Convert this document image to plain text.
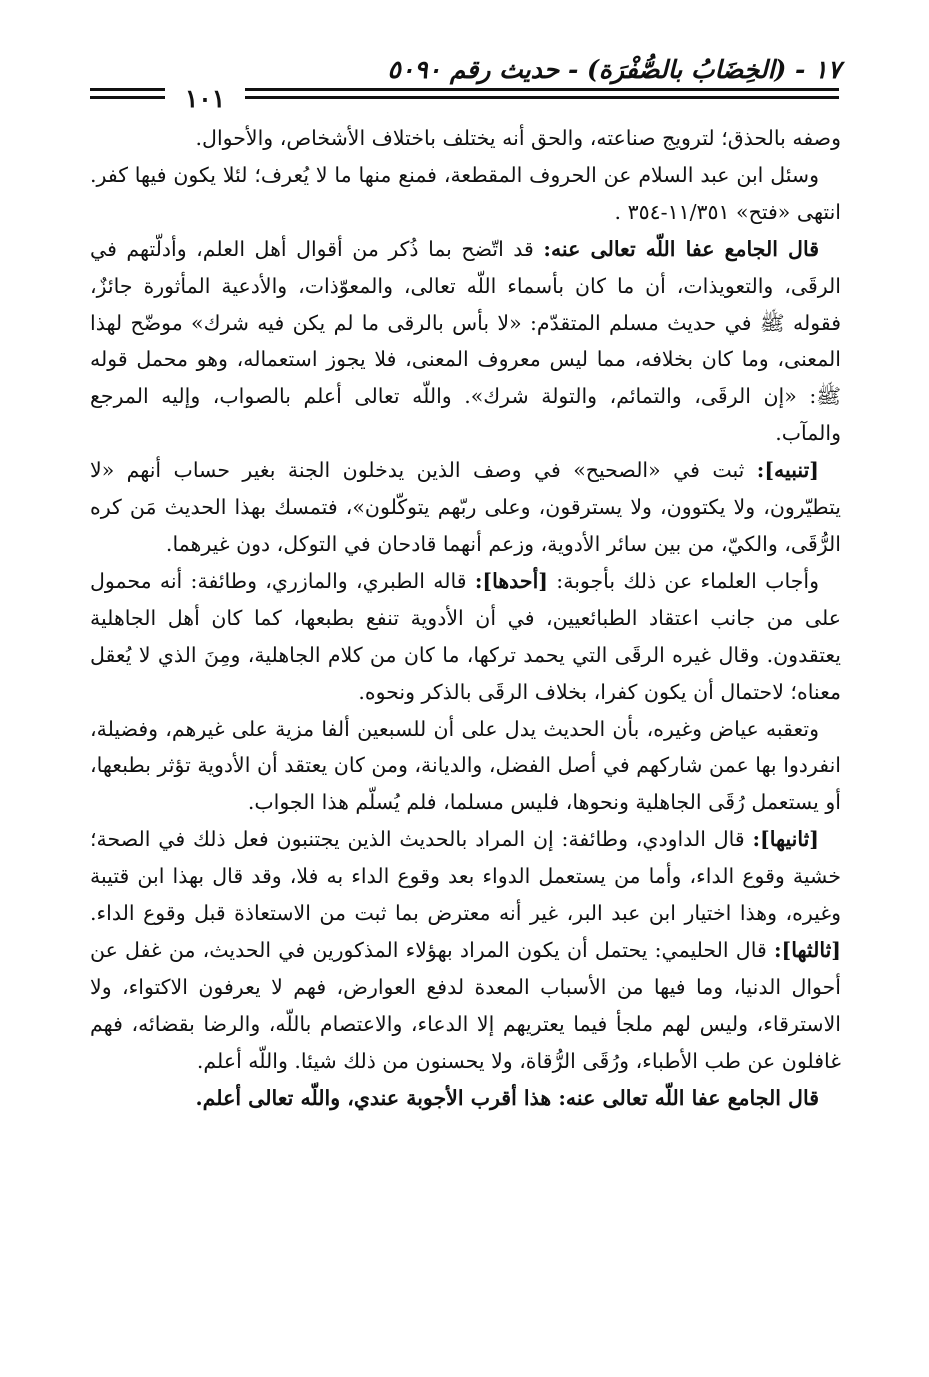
١٧ - (الخِضَابُ بالصُّفْرَة) - حديث رقم ٥٠٩٠
١٠١

وصفه بالحذق؛ لترويج صناعته، والحق أنه يختلف باختلاف الأشخاص، والأحوال.

وسئل ابن عبد السلام عن الحروف المقطعة، فمنع منها ما لا يُعرف؛ لئلا يكون فيها كفر. انتهى «فتح» ١١/٣٥١-٣٥٤ .

قال الجامع عفا اللّه تعالى عنه: قد اتّضح بما ذُكر من أقوال أهل العلم، وأدلّتهم في الرقَى، والتعويذات، أن ما كان بأسماء اللّه تعالى، والمعوّذات، والأدعية المأثورة جائزٌ، فقوله ﷺ في حديث مسلم المتقدّم: «لا بأس بالرقى ما لم يكن فيه شرك» موضّح لهذا المعنى، وما كان بخلافه، مما ليس معروف المعنى، فلا يجوز استعماله، وهو محمل قوله ﷺ: «إن الرقَى، والتمائم، والتولة شرك». واللّه تعالى أعلم بالصواب، وإليه المرجع والمآب.

[تنبيه]: ثبت في «الصحيح» في وصف الذين يدخلون الجنة بغير حساب أنهم «لا يتطيّرون، ولا يكتوون، ولا يسترقون، وعلى ربّهم يتوكّلون»، فتمسك بهذا الحديث مَن كره الرُّقَى، والكيّ، من بين سائر الأدوية، وزعم أنهما قادحان في التوكل، دون غيرهما.

وأجاب العلماء عن ذلك بأجوبة: [أحدها]: قاله الطبري، والمازري، وطائفة: أنه محمول على من جانب اعتقاد الطبائعيين، في أن الأدوية تنفع بطبعها، كما كان أهل الجاهلية يعتقدون. وقال غيره الرقَى التي يحمد تركها، ما كان من كلام الجاهلية، ومِنَ الذي لا يُعقل معناه؛ لاحتمال أن يكون كفرا، بخلاف الرقَى بالذكر ونحوه.

وتعقبه عياض وغيره، بأن الحديث يدل على أن للسبعين ألفا مزية على غيرهم، وفضيلة، انفردوا بها عمن شاركهم في أصل الفضل، والديانة، ومن كان يعتقد أن الأدوية تؤثر بطبعها، أو يستعمل رُقَى الجاهلية ونحوها، فليس مسلما، فلم يُسلّم هذا الجواب.

[ثانيها]: قال الداودي، وطائفة: إن المراد بالحديث الذين يجتنبون فعل ذلك في الصحة؛ خشية وقوع الداء، وأما من يستعمل الدواء بعد وقوع الداء به فلا، وقد قال بهذا ابن قتيبة وغيره، وهذا اختيار ابن عبد البر، غير أنه معترض بما ثبت من الاستعاذة قبل وقوع الداء. [ثالثها]: قال الحليمي: يحتمل أن يكون المراد بهؤلاء المذكورين في الحديث، من غفل عن أحوال الدنيا، وما فيها من الأسباب المعدة لدفع العوارض، فهم لا يعرفون الاكتواء، ولا الاسترقاء، وليس لهم ملجأ فيما يعتريهم إلا الدعاء، والاعتصام باللّه، والرضا بقضائه، فهم غافلون عن طب الأطباء، ورُقَى الرُّقاة، ولا يحسنون من ذلك شيئا. واللّه أعلم.

قال الجامع عفا اللّه تعالى عنه: هذا أقرب الأجوبة عندي، واللّه تعالى أعلم.
